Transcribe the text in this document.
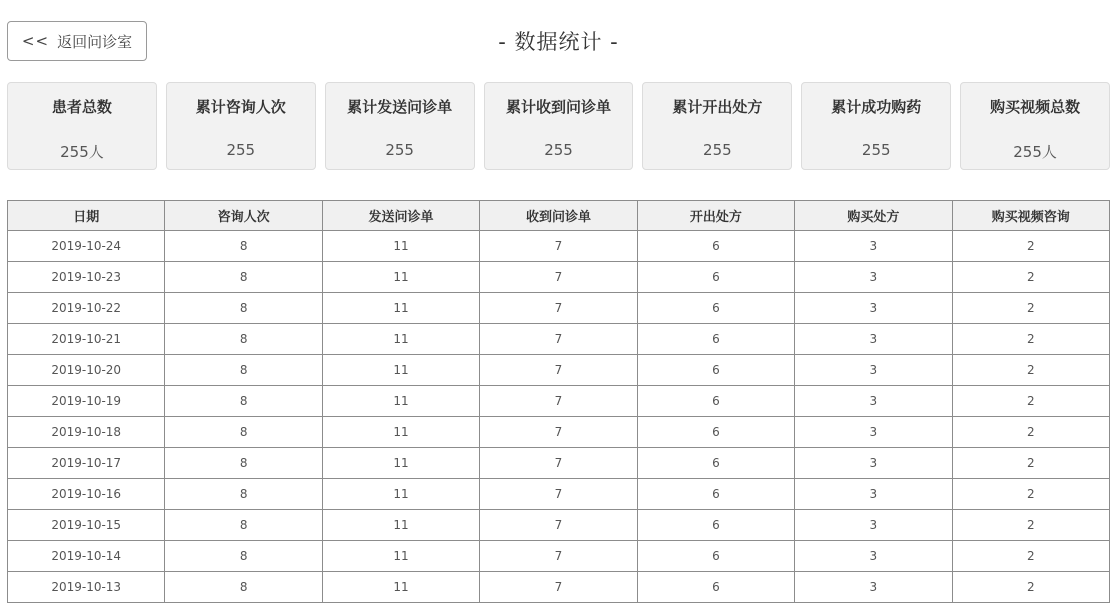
<< 返回问诊室	- 数据统计 -
患者总数
255人
累计咨询人次
255
累计发送问诊单
255
累计收到问诊单
255
累计开出处方
255
累计成功购药
255
购买视频总数
255人
日期	咨询人次	发送问诊单	收到问诊单	开出处方	购买处方	购买视频咨询
2019-10-24	8	11	7	6	3	2
2019-10-23	8	11	7	6	3	2
2019-10-22	8	11	7	6	3	2
2019-10-21	8	11	7	6	3	2
2019-10-20	8	11	7	6	3	2
2019-10-19	8	11	7	6	3	2
2019-10-18	8	11	7	6	3	2
2019-10-17	8	11	7	6	3	2
2019-10-16	8	11	7	6	3	2
2019-10-15	8	11	7	6	3	2
2019-10-14	8	11	7	6	3	2
2019-10-13	8	11	7	6	3	2
